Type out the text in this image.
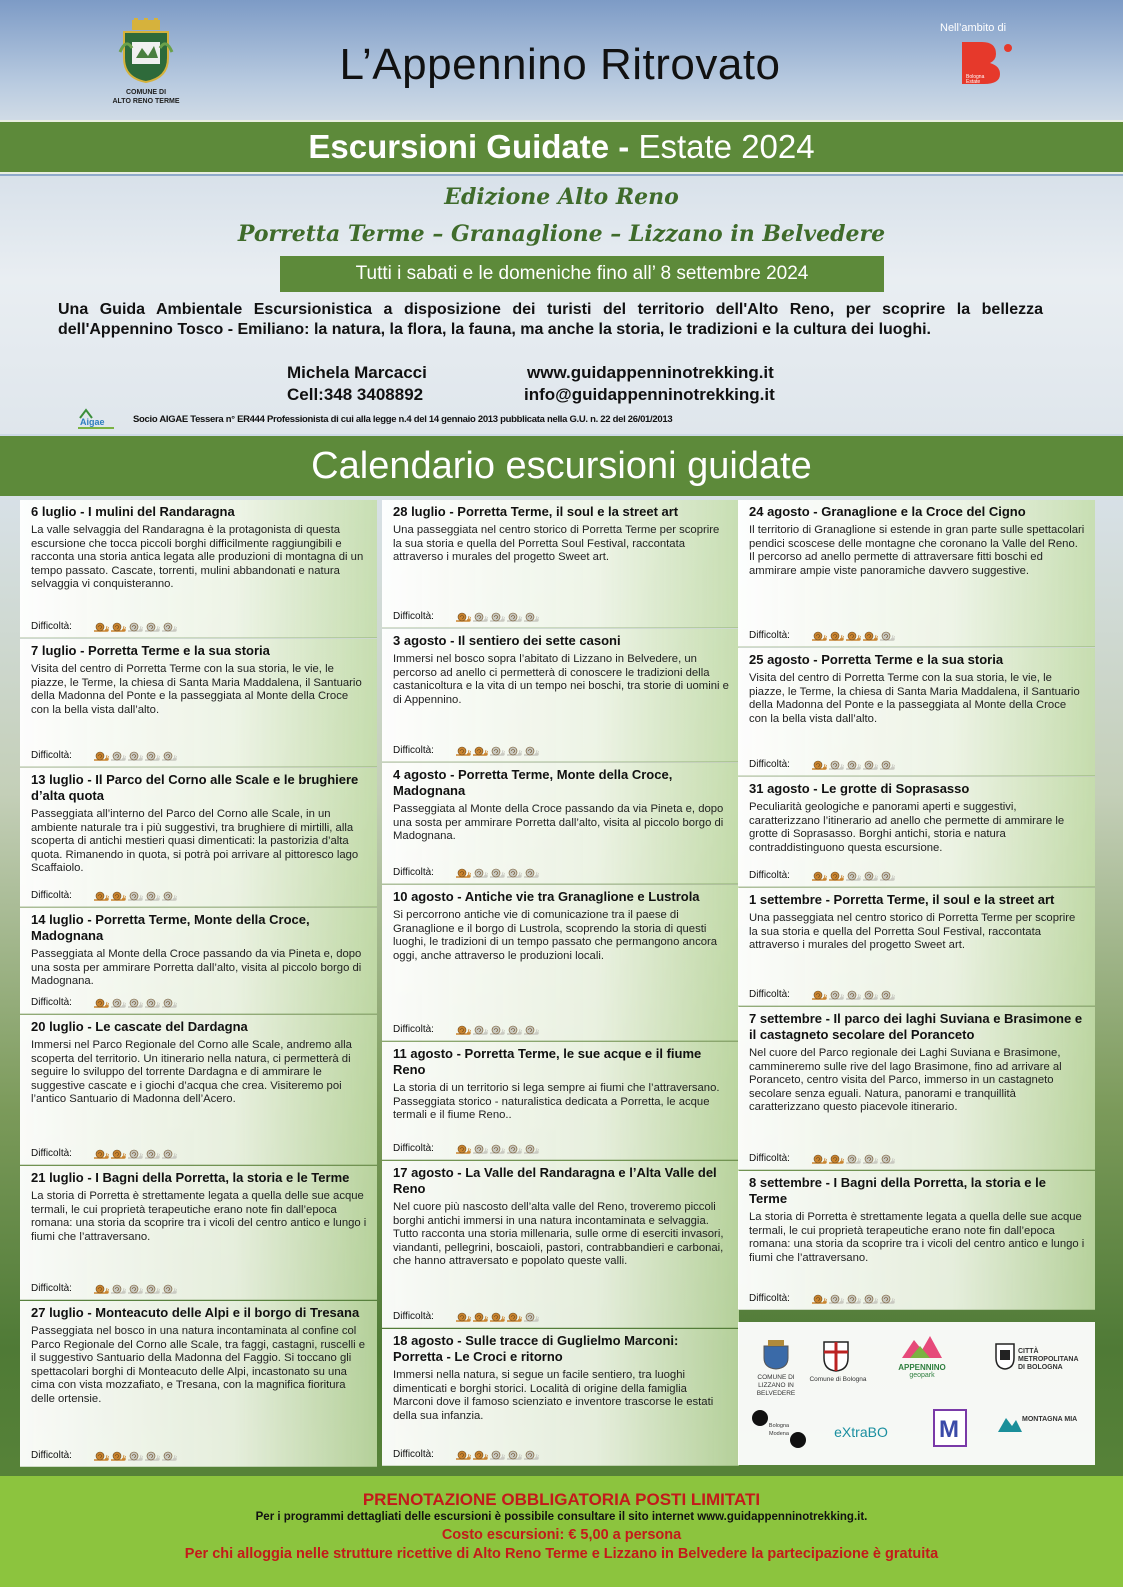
COMUNE DI
ALTO RENO TERME
L’Appennino Ritrovato
Nell’ambito di
Bologna
Estate
Escursioni Guidate - Estate 2024
Edizione Alto Reno
Porretta Terme – Granaglione – Lizzano in Belvedere
Tutti i sabati e le domeniche fino all’ 8 settembre 2024
Una Guida Ambientale Escursionistica a disposizione dei turisti del territorio dell'Alto Reno, per scoprire la bellezza dell'Appennino Tosco - Emiliano: la natura, la flora, la fauna, ma anche la storia, le tradizioni e la cultura dei luoghi.
Michela Marcacci
Cell:348 3408892
www.guidappenninotrekking.it
info@guidappenninotrekking.it
Aigae	Socio AIGAE Tessera n° ER444 Professionista di cui alla legge n.4 del 14 gennaio 2013 pubblicata nella G.U. n. 22 del 26/01/2013
Calendario escursioni guidate
6 luglio - I mulini del Randaragna

La valle selvaggia del Randaragna è la protagonista di questa escursione che tocca piccoli borghi difficilmente raggiungibili e racconta una storia antica legata alle produzioni di montagna di un tempo passato. Cascate, torrenti, mulini abbandonati e natura selvaggia vi conquisteranno.

Difficoltà:
7 luglio - Porretta Terme e la sua storia

Visita del centro di Porretta Terme con la sua storia, le vie, le piazze, le Terme, la chiesa di Santa Maria Maddalena, il Santuario della Madonna del Ponte e la passeggiata al Monte della Croce con la bella vista dall’alto.

Difficoltà:
13 luglio - Il Parco del Corno alle Scale e le brughiere d’alta quota

Passeggiata all’interno del Parco del Corno alle Scale, in un ambiente naturale tra i più suggestivi, tra brughiere di mirtilli, alla scoperta di antichi mestieri quasi dimenticati: la pastorizia d’alta quota. Rimanendo in quota, si potrà poi arrivare al pittoresco lago Scaffaiolo.

Difficoltà:
14 luglio - Porretta Terme, Monte della Croce, Madognana

Passeggiata al Monte della Croce passando da via Pineta e, dopo una sosta per ammirare Porretta dall’alto, visita al piccolo borgo di Madognana.

Difficoltà:
20 luglio - Le cascate del Dardagna

Immersi nel Parco Regionale del Corno alle Scale, andremo alla scoperta del territorio. Un itinerario nella natura, ci permetterà di seguire lo sviluppo del torrente Dardagna e di ammirare le suggestive cascate e i giochi d’acqua che crea. Visiteremo poi l’antico Santuario di Madonna dell’Acero.

Difficoltà:
21 luglio - I Bagni della Porretta, la storia e le Terme

La storia di Porretta è strettamente legata a quella delle sue acque termali, le cui proprietà terapeutiche erano note fin dall’epoca romana: una storia da scoprire tra i vicoli del centro antico e lungo i fiumi che l’attraversano.

Difficoltà:
27 luglio - Monteacuto delle Alpi e il borgo di Tresana

Passeggiata nel bosco in una natura incontaminata al confine col Parco Regionale del Corno alle Scale, tra faggi, castagni, ruscelli e il suggestivo Santuario della Madonna del Faggio. Si toccano gli spettacolari borghi di Monteacuto delle Alpi, incastonato su una cima con vista mozzafiato, e Tresana, con la magnifica fioritura delle ortensie.

Difficoltà:
28 luglio - Porretta Terme, il soul e la street art

Una passeggiata nel centro storico di Porretta Terme per scoprire la sua storia e quella del Porretta Soul Festival, raccontata attraverso i murales del progetto Sweet art.

Difficoltà:
3 agosto - Il sentiero dei sette casoni

Immersi nel bosco sopra l’abitato di Lizzano in Belvedere, un percorso ad anello ci permetterà di conoscere le tradizioni della castanicoltura e la vita di un tempo nei boschi, tra storie di uomini e di Appennino.

Difficoltà:
4 agosto - Porretta Terme, Monte della Croce, Madognana

Passeggiata al Monte della Croce passando da via Pineta e, dopo una sosta per ammirare Porretta dall’alto, visita al piccolo borgo di Madognana.

Difficoltà:
10 agosto - Antiche vie tra Granaglione e Lustrola

Si percorrono antiche vie di comunicazione tra il paese di Granaglione e il borgo di Lustrola, scoprendo la storia di questi luoghi, le tradizioni di un tempo passato che permangono ancora oggi, anche attraverso le produzioni locali.

Difficoltà:
11 agosto - Porretta Terme, le sue acque e il fiume Reno

La storia di un territorio si lega sempre ai fiumi che l’attraversano. Passeggiata storico - naturalistica dedicata a Porretta, le acque termali e il fiume Reno..

Difficoltà:
17 agosto - La Valle del Randaragna e l’Alta Valle del Reno

Nel cuore più nascosto dell’alta valle del Reno, troveremo piccoli borghi antichi immersi in una natura incontaminata e selvaggia. Tutto racconta una storia millenaria, sulle orme di eserciti invasori, viandanti, pellegrini, boscaioli, pastori, contrabbandieri e carbonai, che hanno attraversato e popolato queste valli.

Difficoltà:
18 agosto - Sulle tracce di Guglielmo Marconi: Porretta - Le Croci e ritorno

Immersi nella natura, si segue un facile sentiero, tra luoghi dimenticati e borghi storici. Località di origine della famiglia Marconi dove il famoso scienziato e inventore trascorse le estati della sua infanzia.

Difficoltà:
24 agosto - Granaglione e la Croce del Cigno

Il territorio di Granaglione si estende in gran parte sulle spettacolari pendici scoscese delle montagne che coronano la Valle del Reno. Il percorso ad anello permette di attraversare fitti boschi ed ammirare ampie viste panoramiche davvero suggestive.

Difficoltà:
25 agosto - Porretta Terme e la sua storia

Visita del centro di Porretta Terme con la sua storia, le vie, le piazze, le Terme, la chiesa di Santa Maria Maddalena, il Santuario della Madonna del Ponte e la passeggiata al Monte della Croce con la bella vista dall’alto.

Difficoltà:
31 agosto - Le grotte di Soprasasso

Peculiarità geologiche e panorami aperti e suggestivi, caratterizzano l’itinerario ad anello che permette di ammirare le grotte di Soprasasso. Borghi antichi, storia e natura contraddistinguono questa escursione.

Difficoltà:
1 settembre - Porretta Terme, il soul e la street art

Una passeggiata nel centro storico di Porretta Terme per scoprire la sua storia e quella del Porretta Soul Festival, raccontata attraverso i murales del progetto Sweet art.

Difficoltà:
7 settembre - Il parco dei laghi Suviana e Brasimone e il castagneto secolare del Poranceto

Nel cuore del Parco regionale dei Laghi Suviana e Brasimone, cammineremo sulle rive del lago Brasimone, fino ad arrivare al Poranceto, centro visita del Parco, immerso in un castagneto secolare senza eguali. Natura, panorami e tranquillità caratterizzano questo piacevole itinerario.

Difficoltà:
8 settembre - I Bagni della Porretta, la storia e le Terme

La storia di Porretta è strettamente legata a quella delle sue acque termali, le cui proprietà terapeutiche erano note fin dall’epoca romana: una storia da scoprire tra i vicoli del centro antico e lungo i fiumi che l’attraversano.

Difficoltà:
COMUNE DI LIZZANO IN BELVEDERE
Comune di Bologna
APPENNINO
geopark
CITTÀ METROPOLITANA DI BOLOGNA
Bologna Modena	eXtraBO	M	MONTAGNA MIA
PRENOTAZIONE OBBLIGATORIA POSTI LIMITATI
Per i programmi dettagliati delle escursioni è possibile consultare il sito internet www.guidappenninotrekking.it.
Costo escursioni: € 5,00 a persona
Per chi alloggia nelle strutture ricettive di Alto Reno Terme e Lizzano in Belvedere la partecipazione è gratuita
